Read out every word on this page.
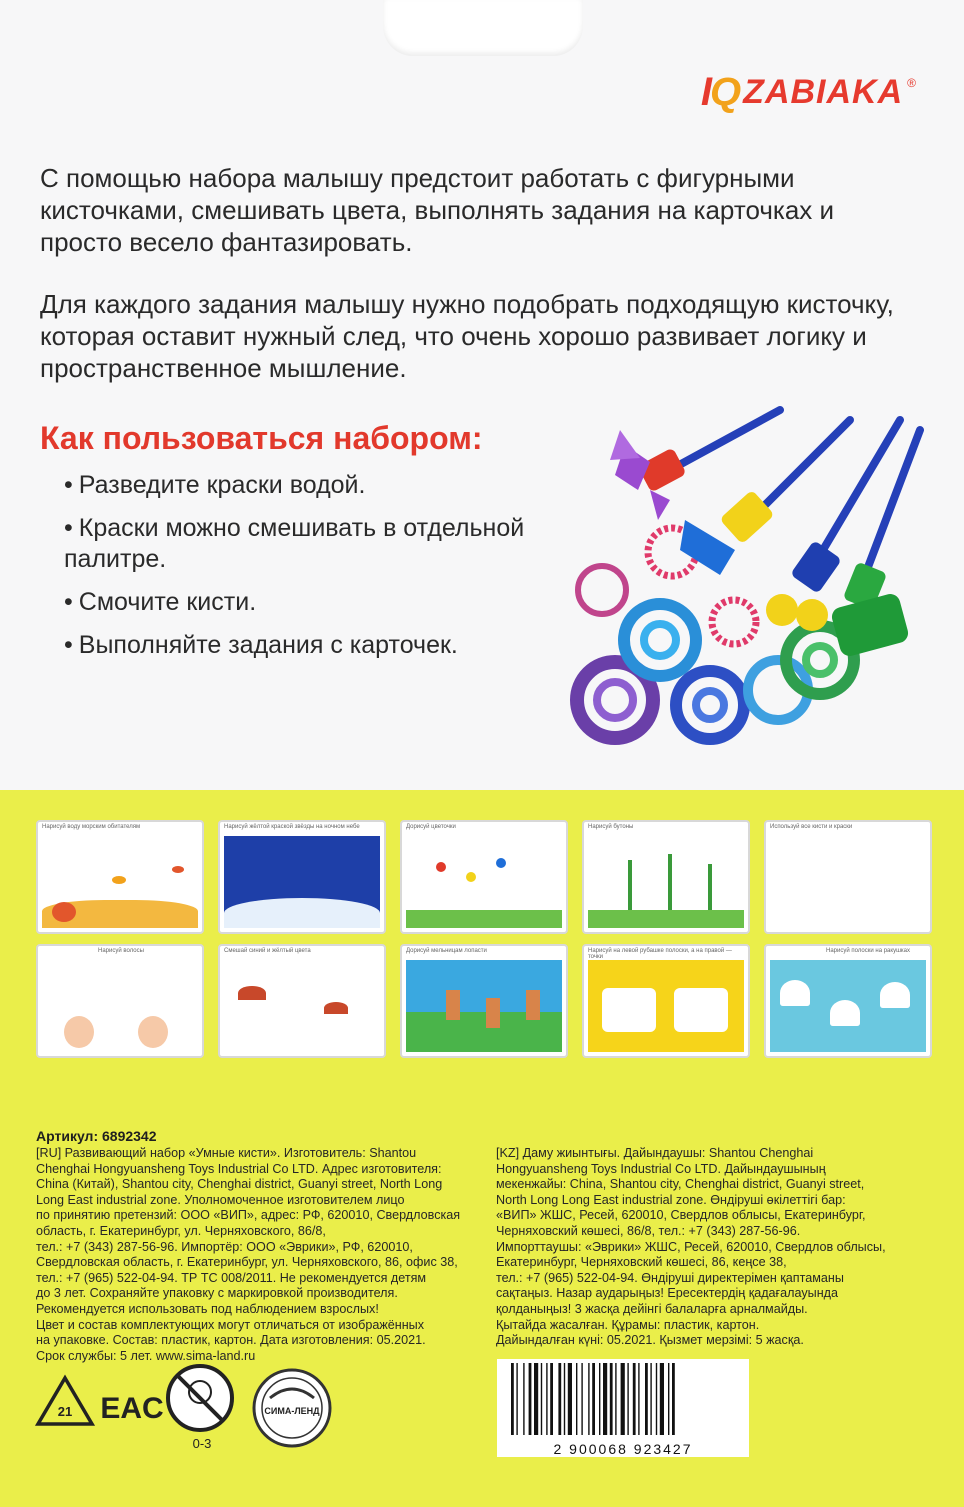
IQ ZABIAKA ®
С помощью набора малышу предстоит работать с фигурными кисточками, смешивать цвета, выполнять задания на карточках и просто весело фантазировать.
Для каждого задания малышу нужно подобрать подходящую кисточку, которая оставит нужный след, что очень хорошо развивает логику и пространственное мышление.
Как пользоваться набором:
• Разведите краски водой.
• Краски можно смешивать в отдельной палитре.
• Смочите кисти.
• Выполняйте задания с карточек.
Нарисуй воду морским обитателям	Нарисуй жёлтой краской звёзды на ночном небе	Дорисуй цветочки	Нарисуй бутоны	Используй все кисти и краски
Нарисуй волосы	Смешай синий и жёлтый цвета	Дорисуй мельницам лопасти	Нарисуй на левой рубашке полоски, а на правой — точки
Нарисуй полоски на ракушках
Артикул: 6892342
[RU] Развивающий набор «Умные кисти». Изготовитель: Shantou
Chenghai Hongyuansheng Toys Industrial Co LTD. Адрес изготовителя:
China (Китай), Shantou city, Chenghai district, Guanyi street, North Long
Long East industrial zone. Уполномоченное изготовителем лицо
по принятию претензий: ООО «ВИП», адрес: РФ, 620010, Свердловская
область, г. Екатеринбург, ул. Черняховского, 86/8,
тел.: +7 (343) 287-56-96. Импортёр: ООО «Эврики», РФ, 620010,
Свердловская область, г. Екатеринбург, ул. Черняховского, 86, офис 38,
тел.: +7 (965) 522-04-94. ТР ТС 008/2011. Не рекомендуется детям
до 3 лет. Сохраняйте упаковку с маркировкой производителя.
Рекомендуется использовать под наблюдением взрослых!
Цвет и состав комплектующих могут отличаться от изображённых
на упаковке. Состав: пластик, картон. Дата изготовления: 05.2021.
Срок службы: 5 лет. www.sima-land.ru
[KZ] Даму жиынтығы. Дайындаушы: Shantou Chenghai
Hongyuansheng Toys Industrial Co LTD. Дайындаушының
мекенжайы: China, Shantou city, Chenghai district, Guanyi street,
North Long Long East industrial zone. Өндіруші өкілеттігі бар:
«ВИП» ЖШС, Ресей, 620010, Свердлов облысы, Екатеринбург,
Черняховский көшесі, 86/8, тел.: +7 (343) 287-56-96.
Импорттаушы: «Эврики» ЖШС, Ресей, 620010, Свердлов облысы,
Екатеринбург, Черняховский көшесі, 86, кеңсе 38,
тел.: +7 (965) 522-04-94. Өндіруші директерімен қаптаманы
сақтаңыз. Назар аударыңыз! Ересектердің қадағалауында
қолданыңыз! 3 жасқа дейінгі балаларға арналмайды.
Қытайда жасалған. Құрамы: пластик, картон.
Дайындалған күні: 05.2021. Қызмет мерзімі: 5 жасқа.
21 EAC
0-3
СИМА-ЛЕНД
2 900068 923427
